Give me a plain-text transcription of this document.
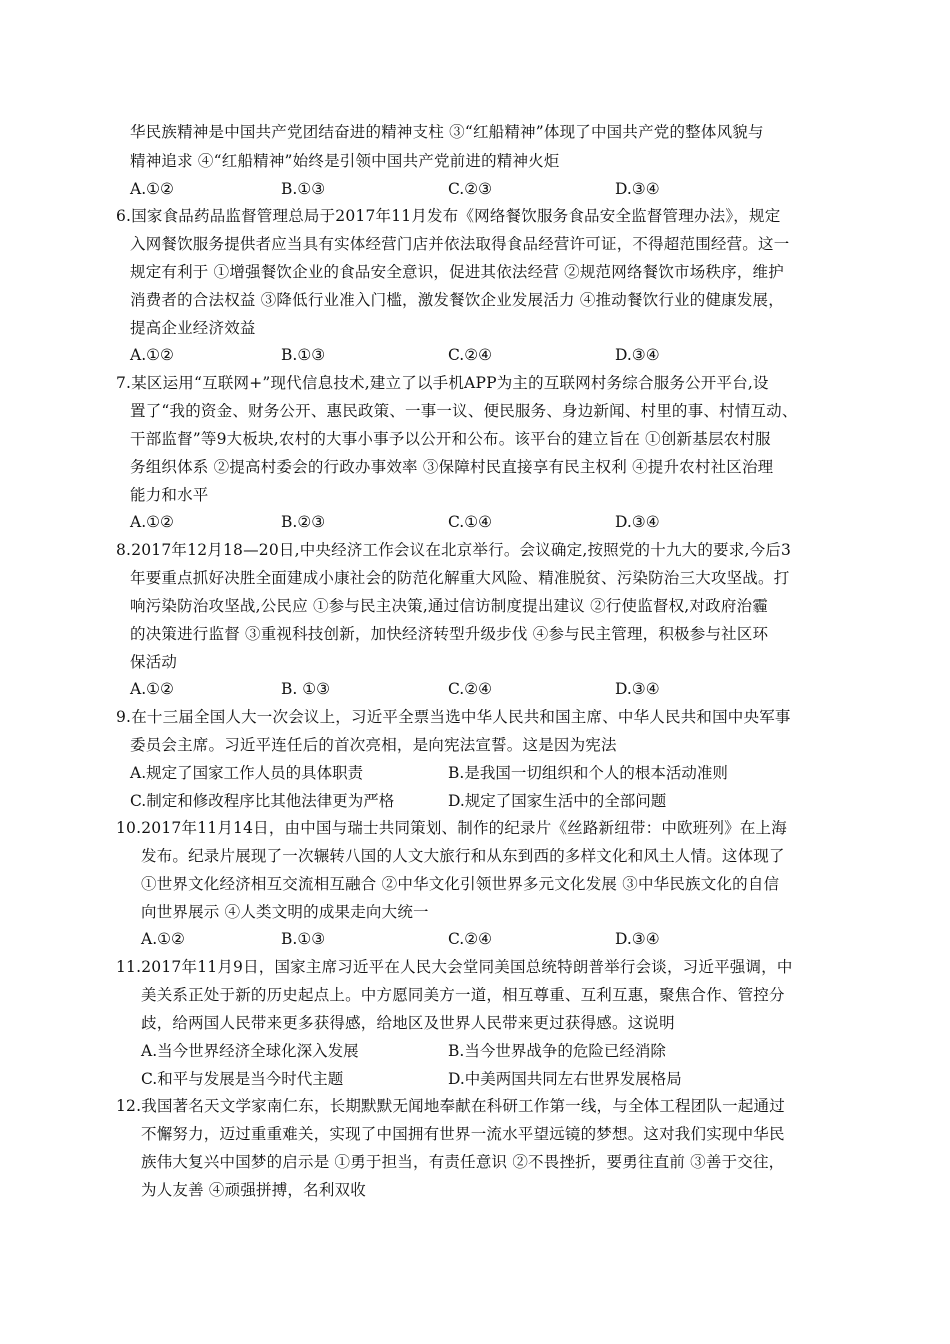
华民族精神是中国共产党团结奋进的精神支柱 ③“红船精神”体现了中国共产党的整体风貌与
精神追求 ④“红船精神”始终是引领中国共产党前进的精神火炬
A.①②	B.①③	C.②③	D.③④
6.国家食品药品监督管理总局于2017年11月发布《网络餐饮服务食品安全监督管理办法》，规定
入网餐饮服务提供者应当具有实体经营门店并依法取得食品经营许可证，不得超范围经营。这一
规定有利于 ①增强餐饮企业的食品安全意识，促进其依法经营 ②规范网络餐饮市场秩序，维护
消费者的合法权益 ③降低行业准入门槛，激发餐饮企业发展活力 ④推动餐饮行业的健康发展，
提高企业经济效益
A.①②	B.①③	C.②④	D.③④
7.某区运用“互联网+”现代信息技术,建立了以手机APP为主的互联网村务综合服务公开平台,设
置了“我的资金、财务公开、惠民政策、一事一议、便民服务、身边新闻、村里的事、村情互动、
干部监督”等9大板块,农村的大事小事予以公开和公布。该平台的建立旨在 ①创新基层农村服
务组织体系 ②提高村委会的行政办事效率 ③保障村民直接享有民主权利 ④提升农村社区治理
能力和水平
A.①②	B.②③	C.①④	D.③④
8.2017年12月18—20日,中央经济工作会议在北京举行。会议确定,按照党的十九大的要求,今后3
年要重点抓好决胜全面建成小康社会的防范化解重大风险、精准脱贫、污染防治三大攻坚战。打
响污染防治攻坚战,公民应 ①参与民主决策,通过信访制度提出建议 ②行使监督权,对政府治霾
的决策进行监督 ③重视科技创新，加快经济转型升级步伐 ④参与民主管理，积极参与社区环
保活动
A.①②	B. ①③	C.②④	D.③④
9.在十三届全国人大一次会议上，习近平全票当选中华人民共和国主席、中华人民共和国中央军事
委员会主席。习近平连任后的首次亮相，是向宪法宣誓。这是因为宪法
A.规定了国家工作人员的具体职责	B.是我国一切组织和个人的根本活动准则
C.制定和修改程序比其他法律更为严格	D.规定了国家生活中的全部问题
10.2017年11月14日，由中国与瑞士共同策划、制作的纪录片《丝路新纽带：中欧班列》在上海
发布。纪录片展现了一次辗转八国的人文大旅行和从东到西的多样文化和风土人情。这体现了
①世界文化经济相互交流相互融合 ②中华文化引领世界多元文化发展 ③中华民族文化的自信
向世界展示 ④人类文明的成果走向大统一
A.①②	B.①③	C.②④	D.③④
11.2017年11月9日，国家主席习近平在人民大会堂同美国总统特朗普举行会谈，习近平强调，中
美关系正处于新的历史起点上。中方愿同美方一道，相互尊重、互利互惠，聚焦合作、管控分
歧，给两国人民带来更多获得感，给地区及世界人民带来更过获得感。这说明
A.当今世界经济全球化深入发展	B.当今世界战争的危险已经消除
C.和平与发展是当今时代主题	D.中美两国共同左右世界发展格局
12.我国著名天文学家南仁东，长期默默无闻地奉献在科研工作第一线，与全体工程团队一起通过
不懈努力，迈过重重难关，实现了中国拥有世界一流水平望远镜的梦想。这对我们实现中华民
族伟大复兴中国梦的启示是 ①勇于担当，有责任意识 ②不畏挫折，要勇往直前 ③善于交往，
为人友善 ④顽强拼搏，名利双收
